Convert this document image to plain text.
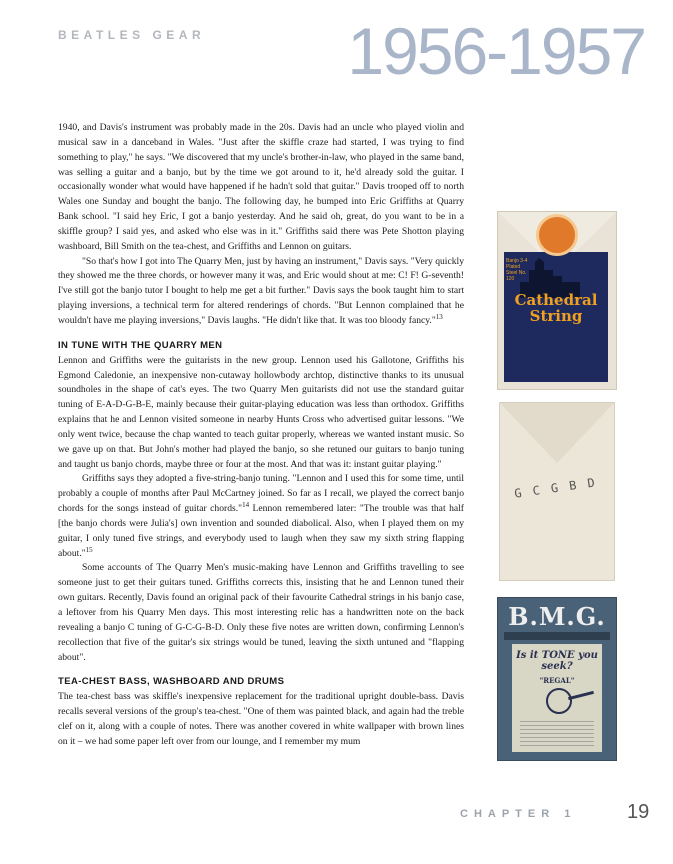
BEATLES GEAR 1956-1957

1940, and Davis's instrument was probably made in the 20s. Davis had an uncle who played violin and musical saw in a danceband in Wales. "Just after the skiffle craze had started, I was trying to find something to play," he says. "We discovered that my uncle's brother-in-law, who played in the same band, was selling a guitar and a banjo, but by the time we got around to it, he'd already sold the guitar. I occasionally wonder what would have happened if he hadn't sold that guitar." Davis trooped off to north Wales one Sunday and bought the banjo. The following day, he bumped into Eric Griffiths at Quarry Bank school. "I said hey Eric, I got a banjo yesterday. And he said oh, great, do you want to be in a skiffle group? I said yes, and asked who else was in it." Griffiths said there was Pete Shotton playing washboard, Bill Smith on the tea-chest, and Griffiths and Lennon on guitars.

"So that's how I got into The Quarry Men, just by having an instrument," Davis says. "Very quickly they showed me the three chords, or however many it was, and Eric would shout at me: C! F! G-seventh! I've still got the banjo tutor I bought to help me get a bit further." Davis says the book taught him to start playing inversions, a technical term for altered renderings of chords. "But Lennon complained that he wouldn't have me playing inversions," Davis laughs. "He didn't like that. It was too bloody fancy."$^{13}$

IN TUNE WITH THE QUARRY MEN

Lennon and Griffiths were the guitarists in the new group. Lennon used his Gallotone, Griffiths his Egmond Caledonie, an inexpensive non-cutaway hollowbody archtop, distinctive thanks to its unusual soundholes in the shape of cat's eyes. The two Quarry Men guitarists did not use the standard guitar tuning of E-A-D-G-B-E, mainly because their guitar-playing education was less than orthodox. Griffiths explains that he and Lennon visited someone in nearby Hunts Cross who advertised guitar lessons. "We only went twice, because the chap wanted to teach guitar properly, whereas we wanted instant music. So we gave up on that. But John's mother had played the banjo, so she retuned our guitars to banjo tuning and taught us banjo chords, maybe three or four at the most. And that was it: instant guitar playing."

Griffiths says they adopted a five-string-banjo tuning. "Lennon and I used this for some time, until probably a couple of months after Paul McCartney joined. So far as I recall, we played the correct banjo chords for the songs instead of guitar chords."$^{14}$ Lennon remembered later: "The trouble was that half [the banjo chords were Julia's] own invention and sounded diabolical. Also, when I played them on my guitar, I only tuned five strings, and everybody used to laugh when they saw my sixth string flapping about."$^{15}$

Some accounts of The Quarry Men's music-making have Lennon and Griffiths travelling to see someone just to get their guitars tuned. Griffiths corrects this, insisting that he and Lennon tuned their own guitars. Recently, Davis found an original pack of their favourite Cathedral strings in his banjo case, a leftover from his Quarry Men days. This most interesting relic has a handwritten note on the back revealing a banjo C tuning of G-C-G-B-D. Only these five notes are written down, confirming Lennon's recollection that five of the guitar's six strings would be tuned, leaving the sixth untuned and "flapping about".

TEA-CHEST BASS, WASHBOARD AND DRUMS

The tea-chest bass was skiffle's inexpensive replacement for the traditional upright double-bass. Davis recalls several versions of the group's tea-chest. "One of them was painted black, and again had the treble clef on it, along with a couple of notes. There was another covered in white wallpaper with brown lines on it – we had some paper left over from our lounge, and I remember my mum

Banjo 3-4 Plated Steel No. 120
Cathedral String
G C G B D
B.M.G.
Is it TONE you seek?
"REGAL"
CHAPTER 1	19
